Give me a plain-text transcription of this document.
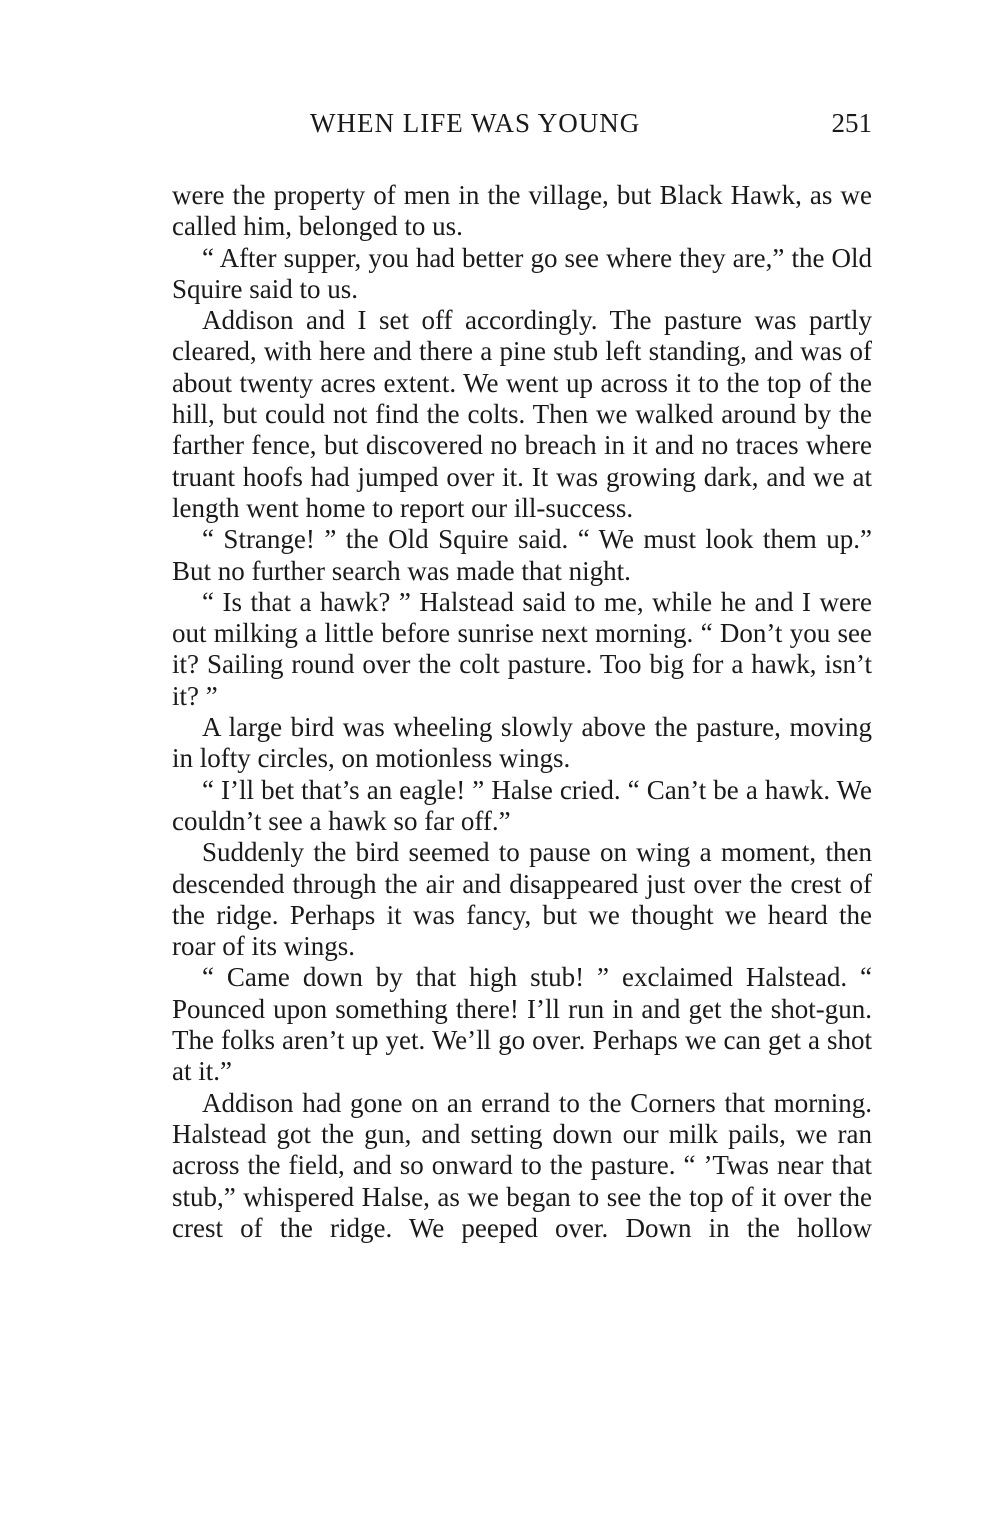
WHEN LIFE WAS YOUNG	251

were the property of men in the village, but Black Hawk, as we called him, belonged to us.

“ After supper, you had better go see where they are,” the Old Squire said to us.

Addison and I set off accordingly. The pasture was partly cleared, with here and there a pine stub left standing, and was of about twenty acres extent. We went up across it to the top of the hill, but could not find the colts. Then we walked around by the farther fence, but discovered no breach in it and no traces where truant hoofs had jumped over it. It was growing dark, and we at length went home to report our ill-success.

“ Strange! ” the Old Squire said. “ We must look them up.” But no further search was made that night.

“ Is that a hawk? ” Halstead said to me, while he and I were out milking a little before sunrise next morning. “ Don’t you see it? Sailing round over the colt pasture. Too big for a hawk, isn’t it? ”

A large bird was wheeling slowly above the pasture, moving in lofty circles, on motionless wings.

“ I’ll bet that’s an eagle! ” Halse cried. “ Can’t be a hawk. We couldn’t see a hawk so far off.”

Suddenly the bird seemed to pause on wing a moment, then descended through the air and disappeared just over the crest of the ridge. Perhaps it was fancy, but we thought we heard the roar of its wings.

“ Came down by that high stub! ” exclaimed Halstead. “ Pounced upon something there! I’ll run in and get the shot-gun. The folks aren’t up yet. We’ll go over. Perhaps we can get a shot at it.”

Addison had gone on an errand to the Corners that morning. Halstead got the gun, and setting down our milk pails, we ran across the field, and so onward to the pasture. “ ’Twas near that stub,” whispered Halse, as we began to see the top of it over the crest of the ridge. We peeped over. Down in the hollow
